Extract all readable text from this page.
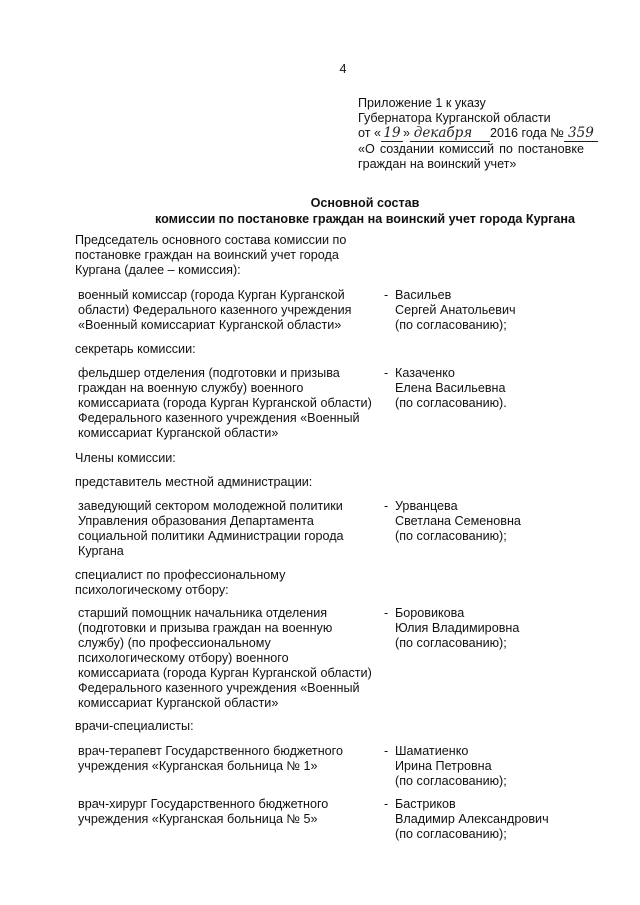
4
Приложение 1 к указу
Губернатора Курганской области
от « 19 » декабря 2016 года № 359
«О создании комиссий по постановке
граждан на воинский учет»
Основной состав
комиссии по постановке граждан на воинский учет города Кургана
Председатель основного состава комиссии по
постановке граждан на воинский учет города
Кургана (далее – комиссия):
военный комиссар (города Курган Курганской
области) Федерального казенного учреждения
«Военный комиссариат Курганской области»
- Васильев
Сергей Анатольевич
(по согласованию);
секретарь комиссии:
фельдшер отделения (подготовки и призыва
граждан на военную службу) военного
комиссариата (города Курган Курганской области)
Федерального казенного учреждения «Военный
комиссариат Курганской области»
- Казаченко
Елена Васильевна
(по согласованию).
Члены комиссии:
представитель местной администрации:
заведующий сектором молодежной политики
Управления образования Департамента
социальной политики Администрации города
Кургана
- Урванцева
Светлана Семеновна
(по согласованию);
специалист по профессиональному
психологическому отбору:
старший помощник начальника отделения
(подготовки и призыва граждан на военную
службу) (по профессиональному
психологическому отбору) военного
комиссариата (города Курган Курганской области)
Федерального казенного учреждения «Военный
комиссариат Курганской области»
- Боровикова
Юлия Владимировна
(по согласованию);
врачи-специалисты:
врач-терапевт Государственного бюджетного
учреждения «Курганская больница № 1»
- Шаматиенко
Ирина Петровна
(по согласованию);
врач-хирург Государственного бюджетного
учреждения «Курганская больница № 5»
- Бастриков
Владимир Александрович
(по согласованию);
